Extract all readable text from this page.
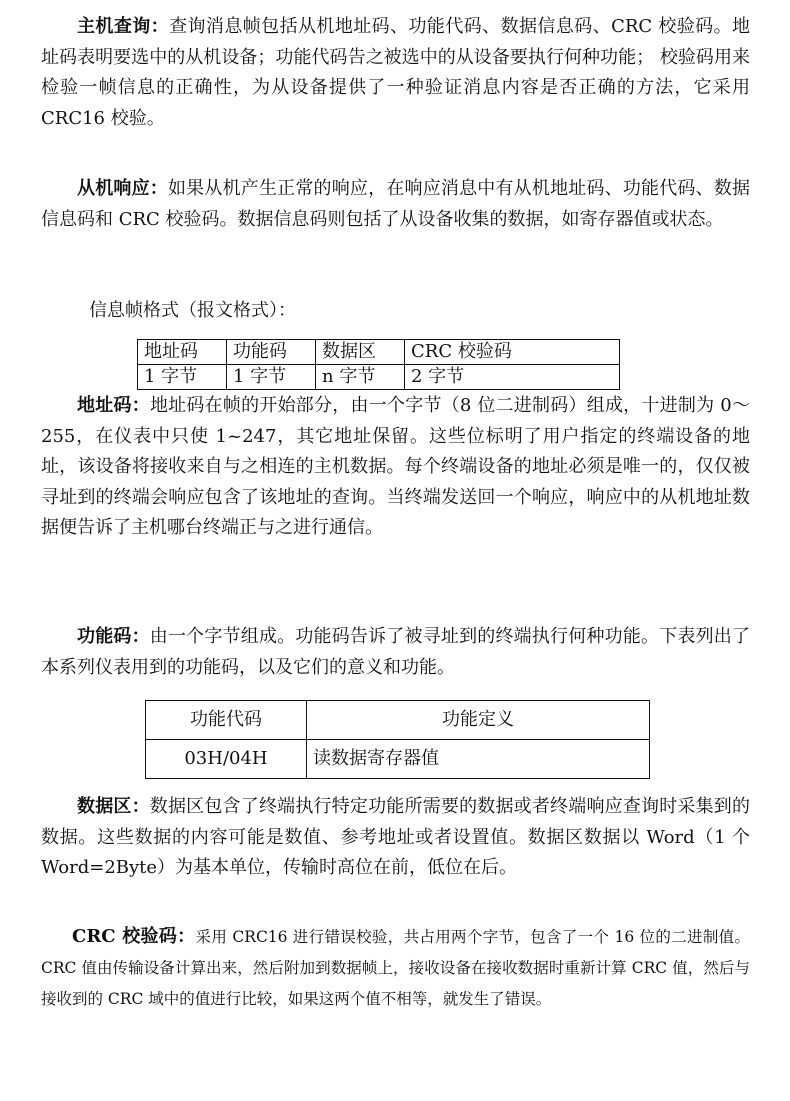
主机查询：查询消息帧包括从机地址码、功能代码、数据信息码、CRC 校验码。地址码表明要选中的从机设备；功能代码告之被选中的从设备要执行何种功能； 校验码用来检验一帧信息的正确性，为从设备提供了一种验证消息内容是否正确的方法，它采用 CRC16 校验。

从机响应：如果从机产生正常的响应，在响应消息中有从机地址码、功能代码、数据信息码和 CRC 校验码。数据信息码则包括了从设备收集的数据，如寄存器值或状态。

信息帧格式（报文格式）：

地址码	功能码	数据区	CRC 校验码
1 字节	1 字节	n 字节	2 字节

地址码：地址码在帧的开始部分，由一个字节（8 位二进制码）组成，十进制为 0～255，在仪表中只使 1~247，其它地址保留。这些位标明了用户指定的终端设备的地址，该设备将接收来自与之相连的主机数据。每个终端设备的地址必须是唯一的，仅仅被寻址到的终端会响应包含了该地址的查询。当终端发送回一个响应，响应中的从机地址数据便告诉了主机哪台终端正与之进行通信。

功能码：由一个字节组成。功能码告诉了被寻址到的终端执行何种功能。下表列出了本系列仪表用到的功能码，以及它们的意义和功能。

功能代码	功能定义
03H/04H	读数据寄存器值

数据区：数据区包含了终端执行特定功能所需要的数据或者终端响应查询时采集到的数据。这些数据的内容可能是数值、参考地址或者设置值。数据区数据以 Word（1 个 Word=2Byte）为基本单位，传输时高位在前，低位在后。

CRC 校验码：采用 CRC16 进行错误校验，共占用两个字节，包含了一个 16 位的二进制值。CRC 值由传输设备计算出来，然后附加到数据帧上，接收设备在接收数据时重新计算 CRC 值，然后与接收到的 CRC 域中的值进行比较，如果这两个值不相等，就发生了错误。
